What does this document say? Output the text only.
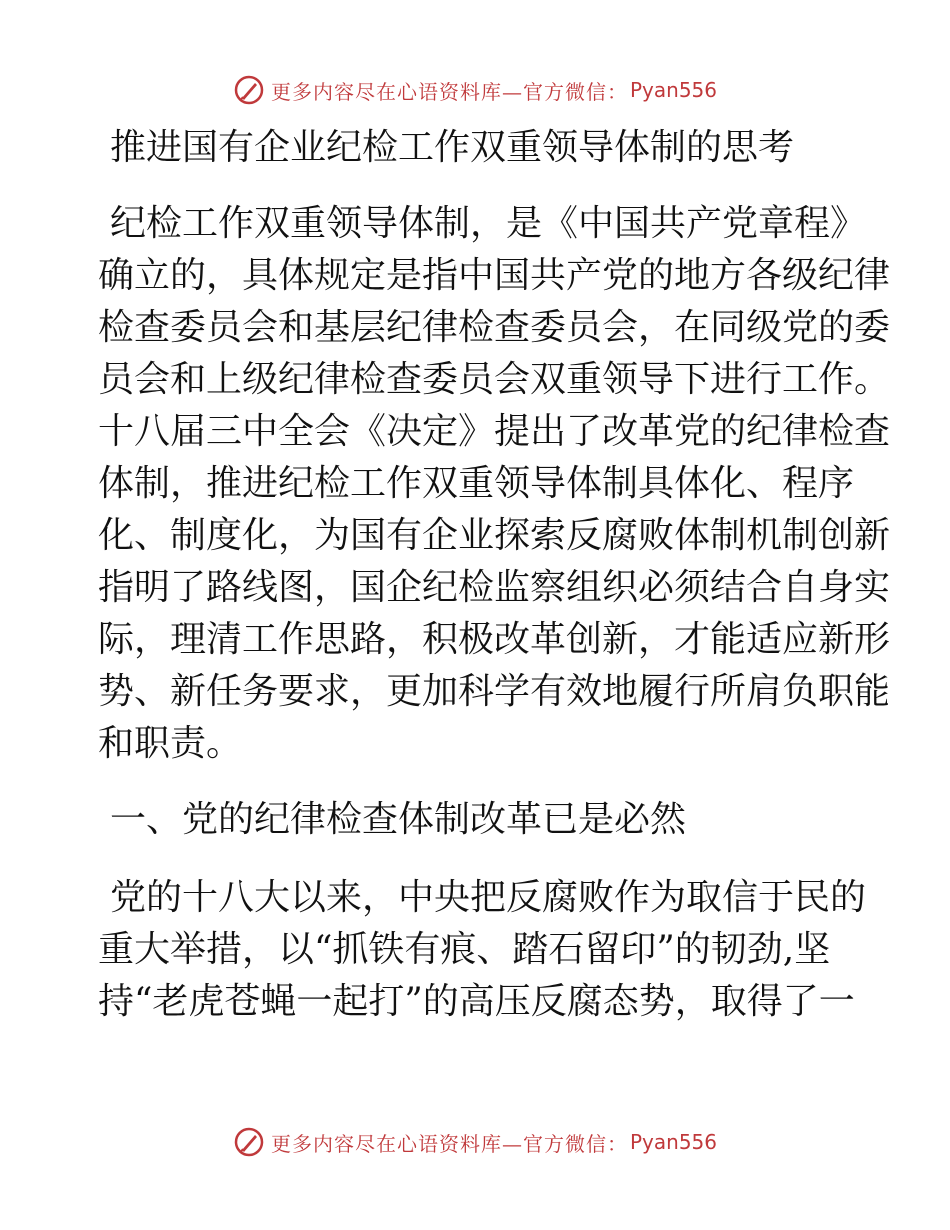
更多内容尽在心语资料库—官方微信： Pyan556
推进国有企业纪检工作双重领导体制的思考
纪检工作双重领导体制，是《中国共产党章程》
确立的，具体规定是指中国共产党的地方各级纪律
检查委员会和基层纪律检查委员会，在同级党的委
员会和上级纪律检查委员会双重领导下进行工作。
十八届三中全会《决定》提出了改革党的纪律检查
体制，推进纪检工作双重领导体制具体化、程序
化、制度化，为国有企业探索反腐败体制机制创新
指明了路线图，国企纪检监察组织必须结合自身实
际，理清工作思路，积极改革创新，才能适应新形
势、新任务要求，更加科学有效地履行所肩负职能
和职责。
一、党的纪律检查体制改革已是必然
党的十八大以来，中央把反腐败作为取信于民的
重大举措，以“抓铁有痕、踏石留印”的韧劲,坚
持“老虎苍蝇一起打”的高压反腐态势，取得了一
更多内容尽在心语资料库—官方微信： Pyan556
